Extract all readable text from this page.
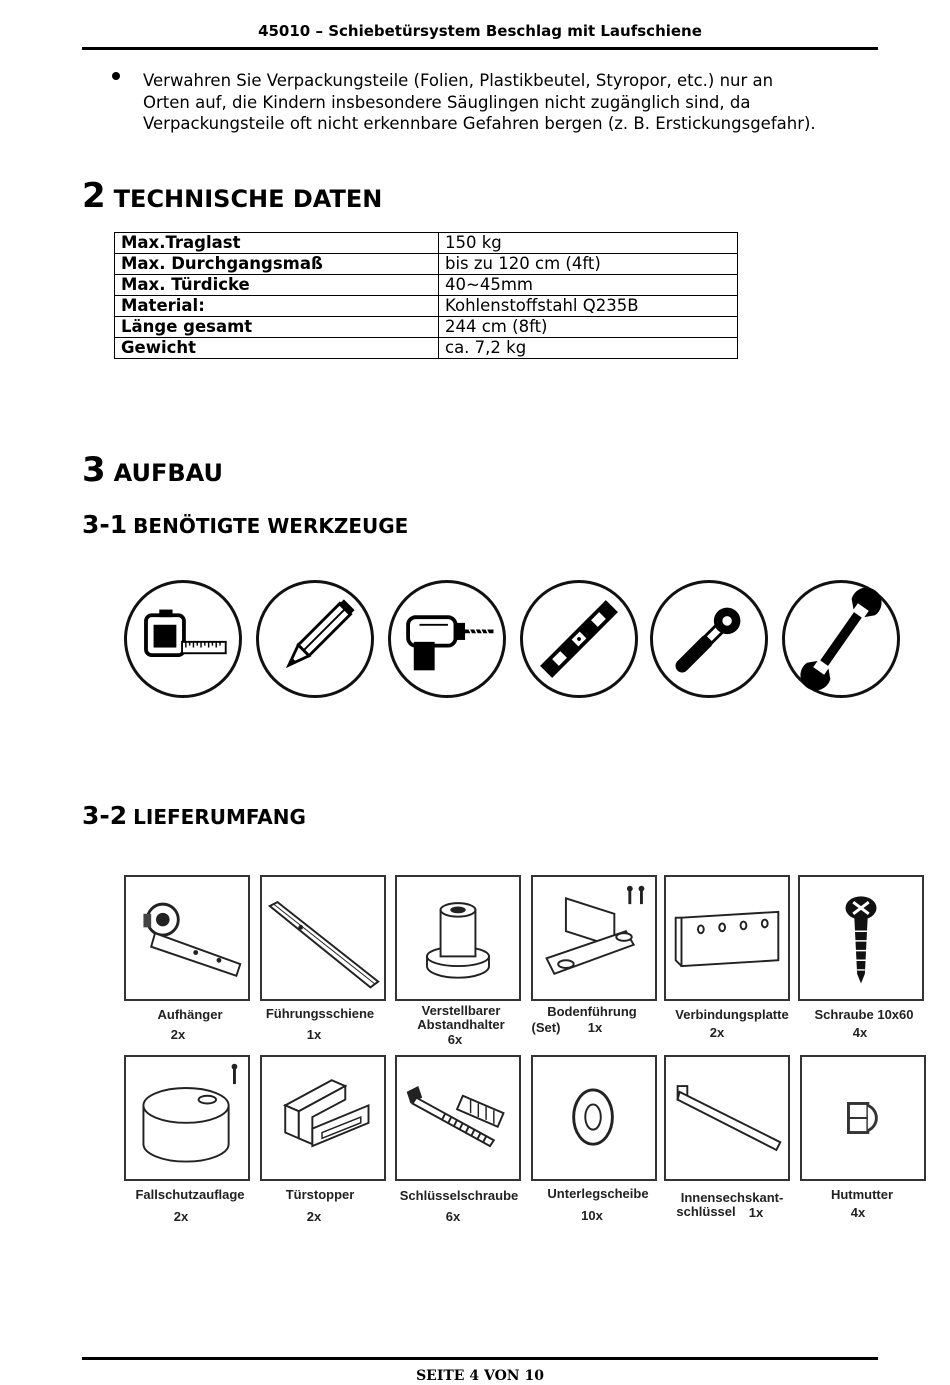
45010 – Schiebetürsystem Beschlag mit Laufschiene
Verwahren Sie Verpackungsteile (Folien, Plastikbeutel, Styropor, etc.) nur an
Orten auf, die Kindern insbesondere Säuglingen nicht zugänglich sind, da
Verpackungsteile oft nicht erkennbare Gefahren bergen (z. B. Erstickungsgefahr).
2 TECHNISCHE DATEN
Max.Traglast	150 kg
Max. Durchgangsmaß	bis zu 120 cm (4ft)
Max. Türdicke	40~45mm
Material:	Kohlenstoffstahl Q235B
Länge gesamt	244 cm (8ft)
Gewicht	ca. 7,2 kg
3 AUFBAU
3-1 BENÖTIGTE WERKZEUGE
3-2 LIEFERUMFANG
Aufhänger
2x
Führungsschiene
1x
Verstellbarer
Abstandhalter
6x
Bodenführung
(Set)	1x
Verbindungsplatte
2x
Schraube 10x60
4x
Fallschutzauflage
2x
Türstopper
2x
Schlüsselschraube
6x
Unterlegscheibe
10x
Innensechskant-
schlüssel	1x
Hutmutter
4x
SEITE 4 VON 10
